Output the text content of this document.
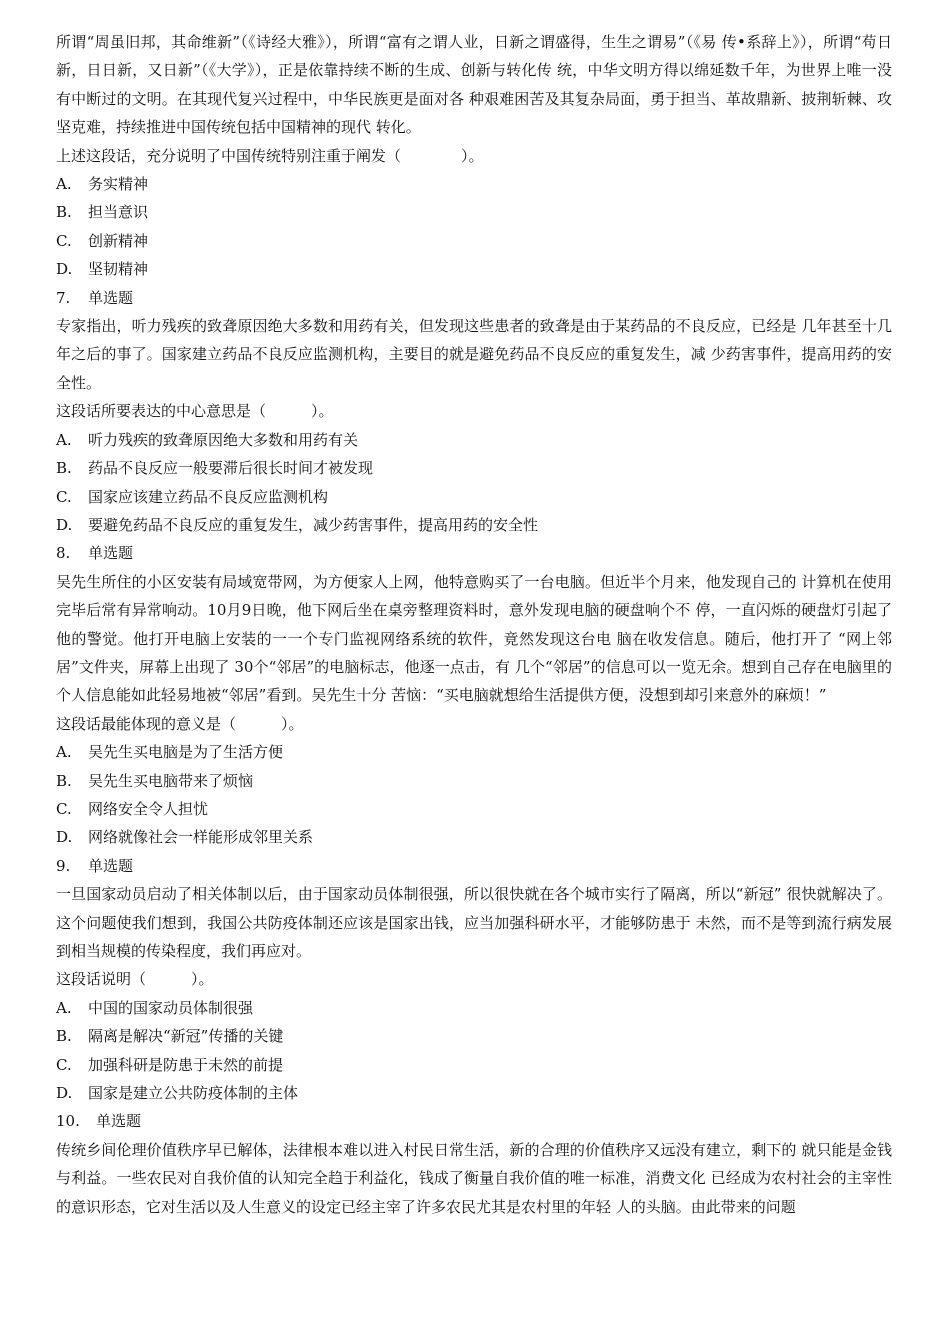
所谓“周虽旧邦，其命维新”（《诗经大雅》），所谓“富有之谓人业，日新之谓盛得，生生之谓易”（《易 传•系辞上》），所谓“苟日新，日日新，又日新”（《大学》），正是依靠持续不断的生成、创新与转化传 统，中华文明方得以绵延数千年，为世界上唯一没有中断过的文明。在其现代复兴过程中，中华民族更是面对各 种艰难困苦及其复杂局面，勇于担当、革故鼎新、披荆斩棘、攻坚克难，持续推进中国传统包括中国精神的现代 转化。

上述这段话，充分说明了中国传统特别注重于阐发（　　　　）。

A. 务实精神

B. 担当意识

C. 创新精神

D. 坚韧精神

7. 单选题

专家指出，听力残疾的致聋原因绝大多数和用药有关，但发现这些患者的致聋是由于某药品的不良反应，已经是 几年甚至十几年之后的事了。国家建立药品不良反应监测机构，主要目的就是避免药品不良反应的重复发生，减 少药害事件，提高用药的安全性。

这段话所要表达的中心意思是（　　　）。

A. 听力残疾的致聋原因绝大多数和用药有关

B. 药品不良反应一般要滞后很长时间才被发现

C. 国家应该建立药品不良反应监测机构

D. 要避免药品不良反应的重复发生，减少药害事件，提高用药的安全性

8. 单选题

吴先生所住的小区安装有局域宽带网，为方便家人上网，他特意购买了一台电脑。但近半个月来，他发现自己的 计算机在使用完毕后常有异常响动。10月9日晚，他下网后坐在桌旁整理资料时，意外发现电脑的硬盘响个不 停，一直闪烁的硬盘灯引起了他的警觉。他打开电脑上安装的一一个专门监视网络系统的软件，竟然发现这台电 脑在收发信息。随后，他打开了 “网上邻居”文件夹，屏幕上出现了 30个“邻居”的电脑标志，他逐一点击，有 几个“邻居”的信息可以一览无余。想到自己存在电脑里的个人信息能如此轻易地被“邻居”看到。吴先生十分 苦恼：“买电脑就想给生活提供方便，没想到却引来意外的麻烦！”

这段话最能体现的意义是（　　　）。

A. 吴先生买电脑是为了生活方便

B. 吴先生买电脑带来了烦恼

C. 网络安全令人担忧

D. 网络就像社会一样能形成邻里关系

9. 单选题

一旦国家动员启动了相关体制以后，由于国家动员体制很强，所以很快就在各个城市实行了隔离，所以“新冠” 很快就解决了。这个问题使我们想到，我国公共防疫体制还应该是国家出钱，应当加强科研水平，才能够防患于 未然，而不是等到流行病发展到相当规模的传染程度，我们再应对。

这段话说明（　　　）。

A. 中国的国家动员体制很强

B. 隔离是解决“新冠”传播的关键

C. 加强科研是防患于未然的前提

D. 国家是建立公共防疫体制的主体

10. 单选题

传统乡间伦理价值秩序早已解体，法律根本难以进入村民日常生活，新的合理的价值秩序又远没有建立，剩下的 就只能是金钱与利益。一些农民对自我价值的认知完全趋于利益化，钱成了衡量自我价值的唯一标准，消费文化 已经成为农村社会的主宰性的意识形态，它对生活以及人生意义的设定已经主宰了许多农民尤其是农村里的年轻 人的头脑。由此带来的问题
